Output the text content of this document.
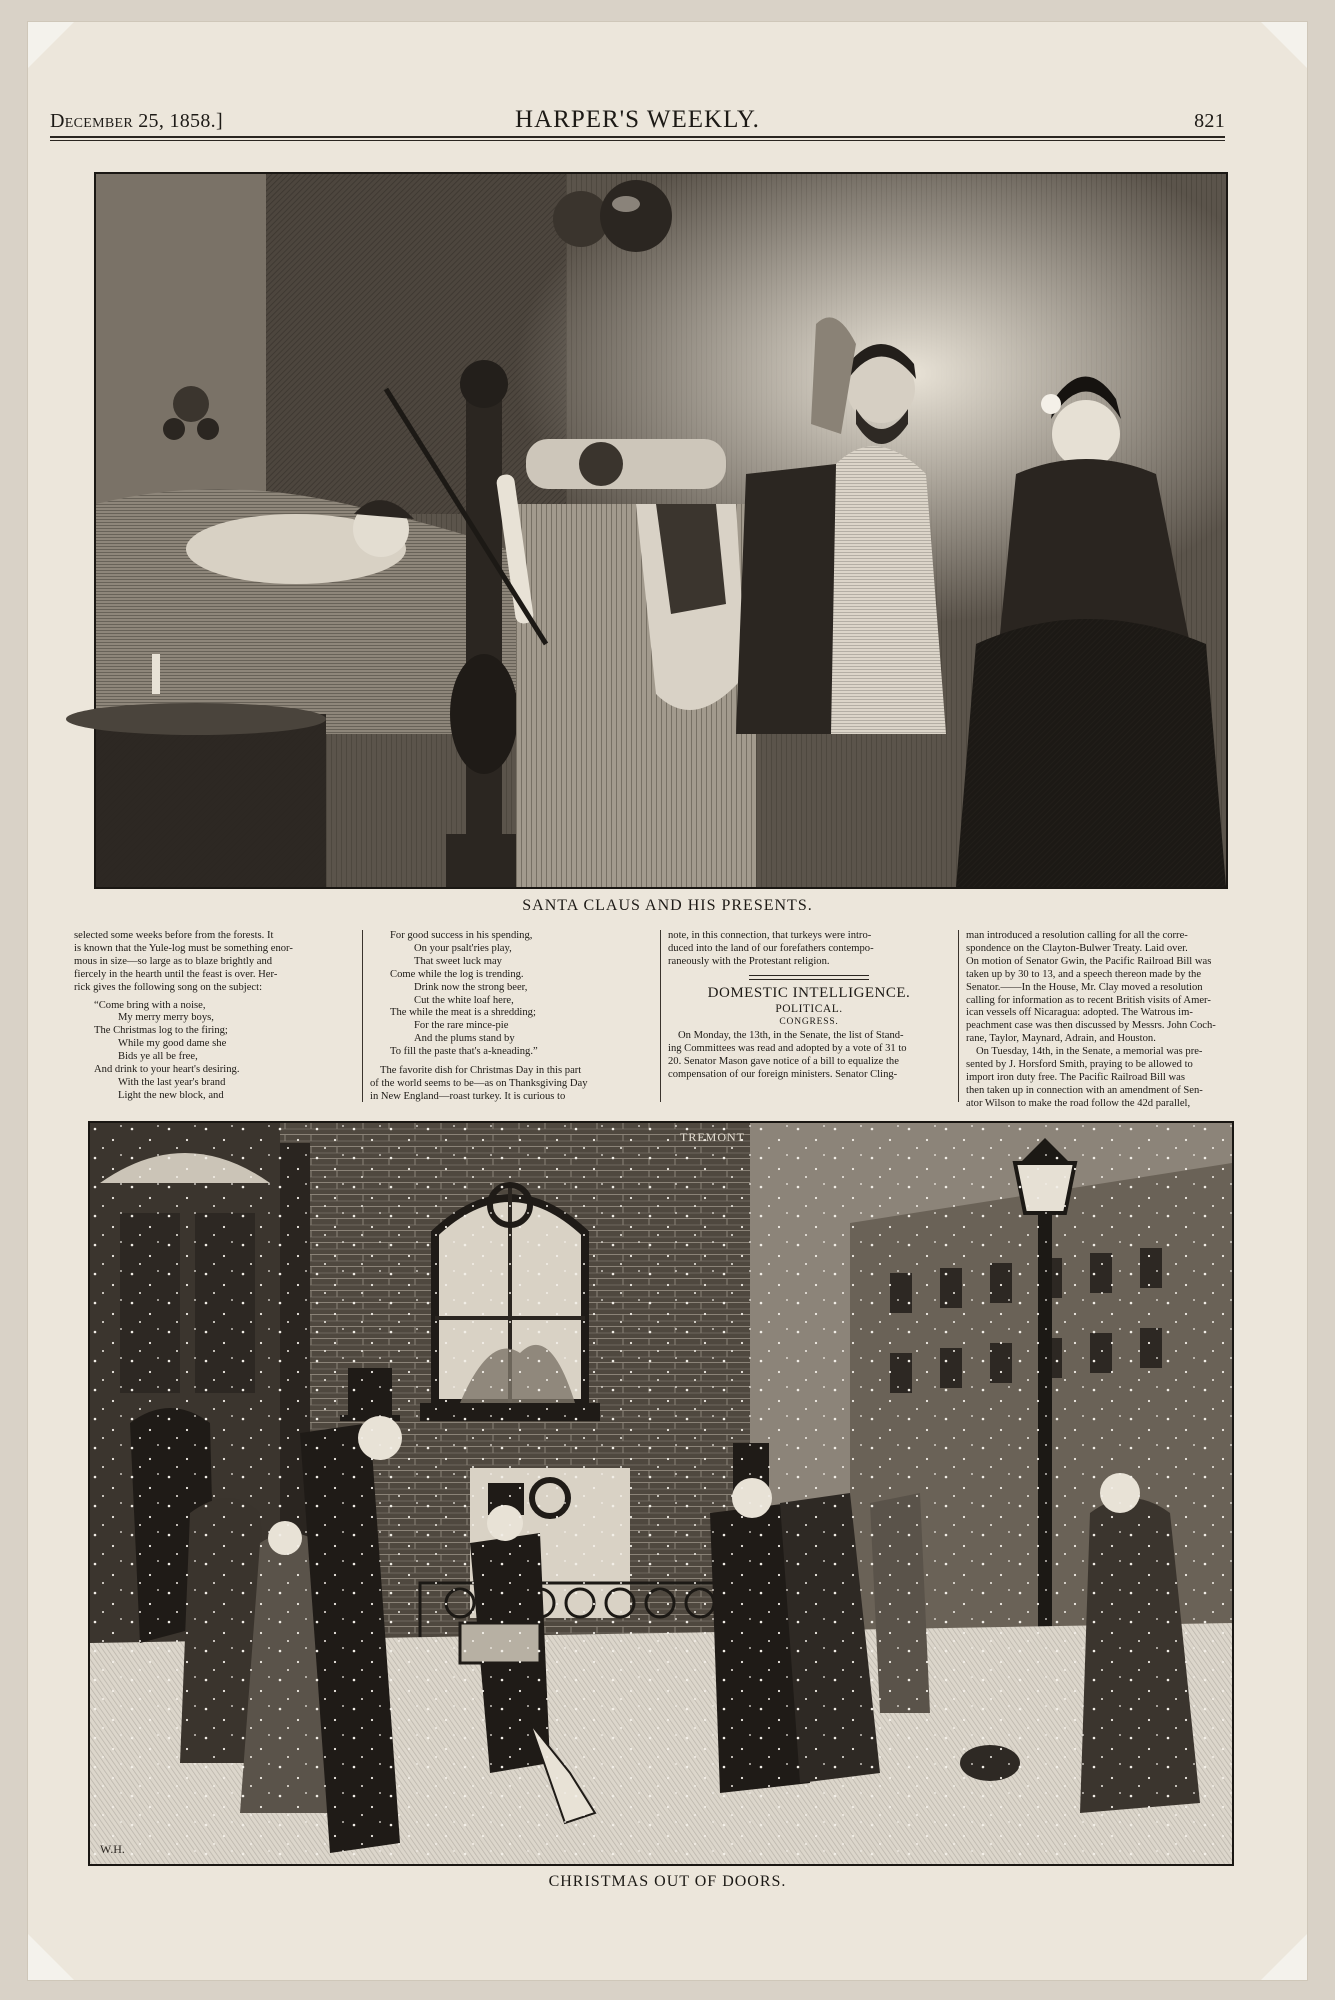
December 25, 1858.]	HARPER'S WEEKLY.	821
SANTA CLAUS AND HIS PRESENTS.
selected some weeks before from the forests. It
is known that the Yule-log must be something enor-
mous in size—so large as to blaze brightly and
fiercely in the hearth until the feast is over. Her-
rick gives the following song on the subject:
“Come bring with a noise,
My merry merry boys,
The Christmas log to the firing;
While my good dame she
Bids ye all be free,
And drink to your heart's desiring.
With the last year's brand
Light the new block, and
For good success in his spending,
On your psalt'ries play,
That sweet luck may
Come while the log is trending.
Drink now the strong beer,
Cut the white loaf here,
The while the meat is a shredding;
For the rare mince-pie
And the plums stand by
To fill the paste that's a-kneading.”
The favorite dish for Christmas Day in this part
of the world seems to be—as on Thanksgiving Day
in New England—roast turkey. It is curious to
note, in this connection, that turkeys were intro-
duced into the land of our forefathers contempo-
raneously with the Protestant religion.
DOMESTIC INTELLIGENCE.
POLITICAL.
CONGRESS.
On Monday, the 13th, in the Senate, the list of Stand-
ing Committees was read and adopted by a vote of 31 to
20. Senator Mason gave notice of a bill to equalize the
compensation of our foreign ministers. Senator Cling-
man introduced a resolution calling for all the corre-
spondence on the Clayton-Bulwer Treaty. Laid over.
On motion of Senator Gwin, the Pacific Railroad Bill was
taken up by 30 to 13, and a speech thereon made by the
Senator.——In the House, Mr. Clay moved a resolution
calling for information as to recent British visits of Amer-
ican vessels off Nicaragua: adopted. The Watrous im-
peachment case was then discussed by Messrs. John Coch-
rane, Taylor, Maynard, Adrain, and Houston.
On Tuesday, 14th, in the Senate, a memorial was pre-
sented by J. Horsford Smith, praying to be allowed to
import iron duty free. The Pacific Railroad Bill was
then taken up in connection with an amendment of Sen-
ator Wilson to make the road follow the 42d parallel,
W.H.
CHRISTMAS OUT OF DOORS.
